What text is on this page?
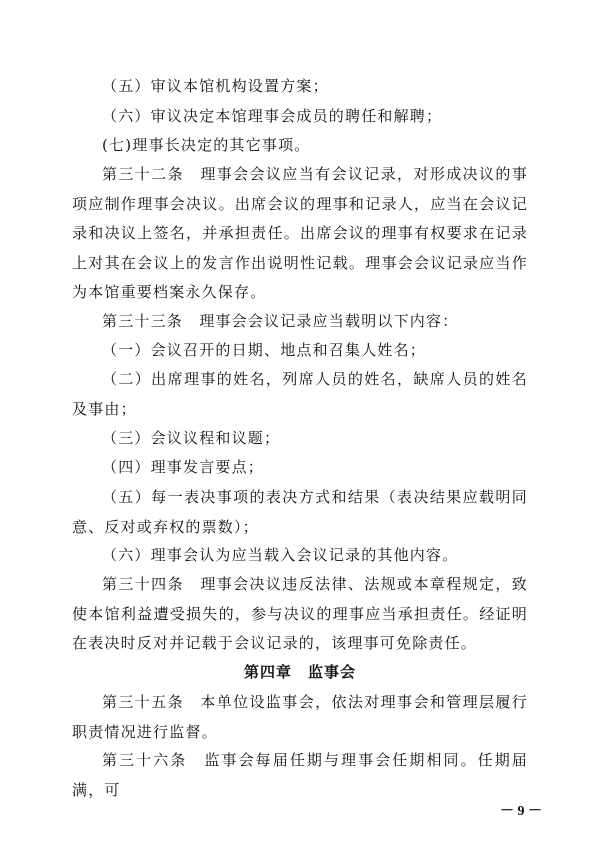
（五）审议本馆机构设置方案；

（六）审议决定本馆理事会成员的聘任和解聘；

(七)理事长决定的其它事项。

第三十二条　理事会会议应当有会议记录，对形成决议的事项应制作理事会决议。出席会议的理事和记录人，应当在会议记录和决议上签名，并承担责任。出席会议的理事有权要求在记录上对其在会议上的发言作出说明性记载。理事会会议记录应当作为本馆重要档案永久保存。

第三十三条　理事会会议记录应当载明以下内容：

（一）会议召开的日期、地点和召集人姓名；

（二）出席理事的姓名，列席人员的姓名，缺席人员的姓名及事由；

（三）会议议程和议题；

（四）理事发言要点；

（五）每一表决事项的表决方式和结果（表决结果应载明同意、反对或弃权的票数）；

（六）理事会认为应当载入会议记录的其他内容。

第三十四条　理事会决议违反法律、法规或本章程规定，致使本馆利益遭受损失的，参与决议的理事应当承担责任。经证明在表决时反对并记载于会议记录的，该理事可免除责任。

第四章　监事会

第三十五条　本单位设监事会，依法对理事会和管理层履行职责情况进行监督。

第三十六条　监事会每届任期与理事会任期相同。任期届满，可

－ 9 －
